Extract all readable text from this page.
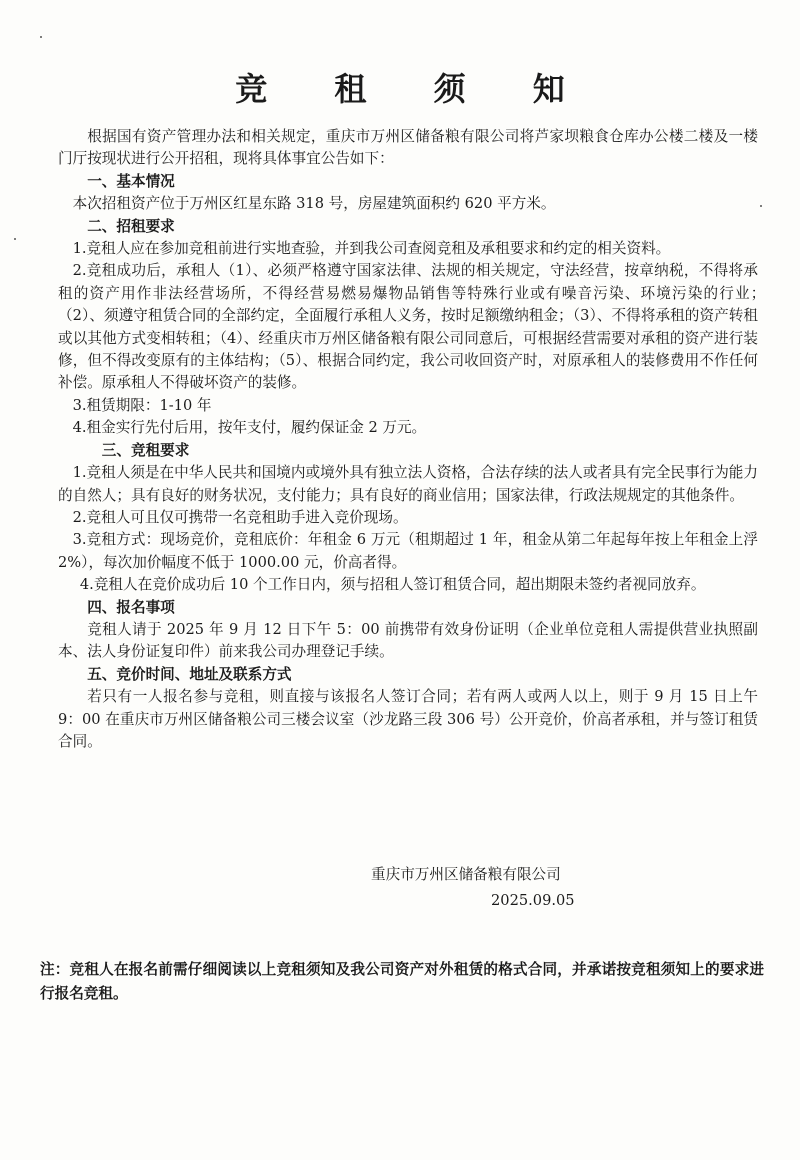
竞 租 须 知

根据国有资产管理办法和相关规定，重庆市万州区储备粮有限公司将芦家坝粮食仓库办公楼二楼及一楼门厅按现状进行公开招租，现将具体事宜公告如下：

一、基本情况

本次招租资产位于万州区红星东路 318 号，房屋建筑面积约 620 平方米。

二、招租要求

1.竞租人应在参加竞租前进行实地查验，并到我公司查阅竞租及承租要求和约定的相关资料。

2.竞租成功后，承租人（1）、必须严格遵守国家法律、法规的相关规定，守法经营，按章纳税，不得将承租的资产用作非法经营场所，不得经营易燃易爆物品销售等特殊行业或有噪音污染、环境污染的行业；　（2）、须遵守租赁合同的全部约定，全面履行承租人义务，按时足额缴纳租金；（3）、不得将承租的资产转租或以其他方式变相转租；（4）、经重庆市万州区储备粮有限公司同意后，可根据经营需要对承租的资产进行装修，但不得改变原有的主体结构；（5）、根据合同约定，我公司收回资产时，对原承租人的装修费用不作任何补偿。原承租人不得破坏资产的装修。

3.租赁期限：1-10 年

4.租金实行先付后用，按年支付，履约保证金 2 万元。

三、竞租要求

1.竞租人须是在中华人民共和国境内或境外具有独立法人资格，合法存续的法人或者具有完全民事行为能力的自然人；具有良好的财务状况，支付能力；具有良好的商业信用；国家法律，行政法规规定的其他条件。

2.竞租人可且仅可携带一名竞租助手进入竞价现场。

3.竞租方式：现场竞价，竞租底价：年租金 6 万元（租期超过 1 年，租金从第二年起每年按上年租金上浮 2%），每次加价幅度不低于 1000.00 元，价高者得。

4.竞租人在竞价成功后 10 个工作日内，须与招租人签订租赁合同，超出期限未签约者视同放弃。

四、报名事项

竞租人请于 2025 年 9 月 12 日下午 5：00 前携带有效身份证明（企业单位竞租人需提供营业执照副本、法人身份证复印件）前来我公司办理登记手续。

五、竞价时间、地址及联系方式

若只有一人报名参与竞租，则直接与该报名人签订合同；若有两人或两人以上，则于 9 月 15 日上午 9：00 在重庆市万州区储备粮公司三楼会议室（沙龙路三段 306 号）公开竞价，价高者承租，并与签订租赁合同。

重庆市万州区储备粮有限公司
2025.09.05
注：竞租人在报名前需仔细阅读以上竞租须知及我公司资产对外租赁的格式合同，并承诺按竞租须知上的要求进行报名竞租。
